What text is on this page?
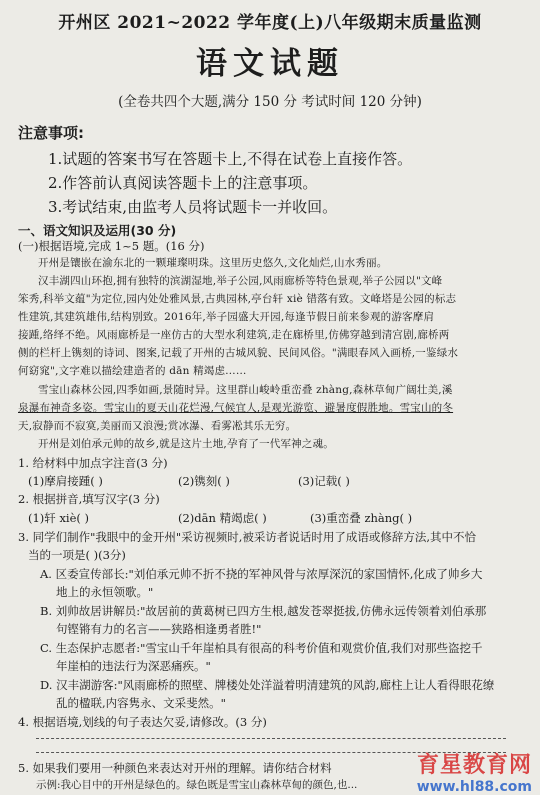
开州区 2021~2022 学年度(上)八年级期末质量监测
语文试题
(全卷共四个大题,满分 150 分 考试时间 120 分钟)
注意事项:
1.试题的答案书写在答题卡上,不得在试卷上直接作答。
2.作答前认真阅读答题卡上的注意事项。
3.考试结束,由监考人员将试题卡一并收回。
一、语文知识及运用(30 分)
(一)根据语境,完成 1~5 题。(16 分)
开州是镶嵌在渝东北的一颗璀璨明珠。这里历史悠久,文化灿烂,山水秀丽。
汉丰湖四山环抱,拥有独特的滨湖湿地,举子公园,风雨廊桥等特色景观,举子公园以"文峰
笨秀,科举文蕴"为定位,园内处处雅风景,古典园林,亭台轩 xiè 错落有致。文峰塔是公园的标志
性建筑,其建筑雄伟,结构别致。2016年,举子园盛大开园,每逢节假日前来参观的游客摩肩
接踵,络绎不绝。风雨廊桥是一座仿古的大型水利建筑,走在廊桥里,仿佛穿越到清宫剧,廊桥两
侧的栏杆上镌刻的诗词、图案,记载了开州的古城风貌、民间风俗。"满眼春风入画桥,一鉴绿水
何窈窕",文字难以描绘建造者的 dān 精竭虑……
雪宝山森林公园,四季如画,景随时异。这里群山峻岭重峦叠 zhàng,森林草甸广阔壮美,溪
泉瀑布神奇多姿。雪宝山的夏天山花烂漫,气候宜人,是观光游览、避暑度假胜地。雪宝山的冬
天,寂静而不寂寞,美丽而又浪漫;赏冰瀑、看雾凇其乐无穷。
开州是刘伯承元帅的故乡,就是这片土地,孕育了一代军神之魂。
1. 给材料中加点字注音(3 分)
(1)摩肩接踵( )	(2)镌刻( )	(3)记载( )
2. 根据拼音,填写汉字(3 分)
(1)轩 xiè( )	(2)dān 精竭虑( )	(3)重峦叠 zhàng( )
3. 同学们制作"我眼中的金开州"采访视频时,被采访者说话时用了成语或修辞方法,其中不恰
当的一项是( )(3分)
A. 区委宣传部长:"刘伯承元帅不折不挠的军神风骨与浓厚深沉的家国情怀,化成了帅乡大
地上的永恒领歌。"
B. 刘帅故居讲解员:"故居前的黄葛树已四方生根,越发苍翠挺拔,仿佛永远传领着刘伯承那
句铿锵有力的名言——狭路相逢勇者胜!"
C. 生态保护志愿者:"雪宝山千年崖柏具有很高的科考价值和观赏价值,我们对那些盗挖千
年崖柏的违法行为深恶痛疾。"
D. 汉丰湖游客:"风雨廊桥的照壁、牌楼处处洋溢着明清建筑的风韵,廊柱上让人看得眼花缭
乱的楹联,内容隽永、文采斐然。"
4. 根据语境,划线的句子表达欠妥,请修改。(3 分)
5. 如果我们要用一种颜色来表达对开州的理解。请你结合材料
示例:我心目中的开州是绿色的。绿色既是雪宝山森林草甸的颜色,也...
育星教育网
www.hl88.com
